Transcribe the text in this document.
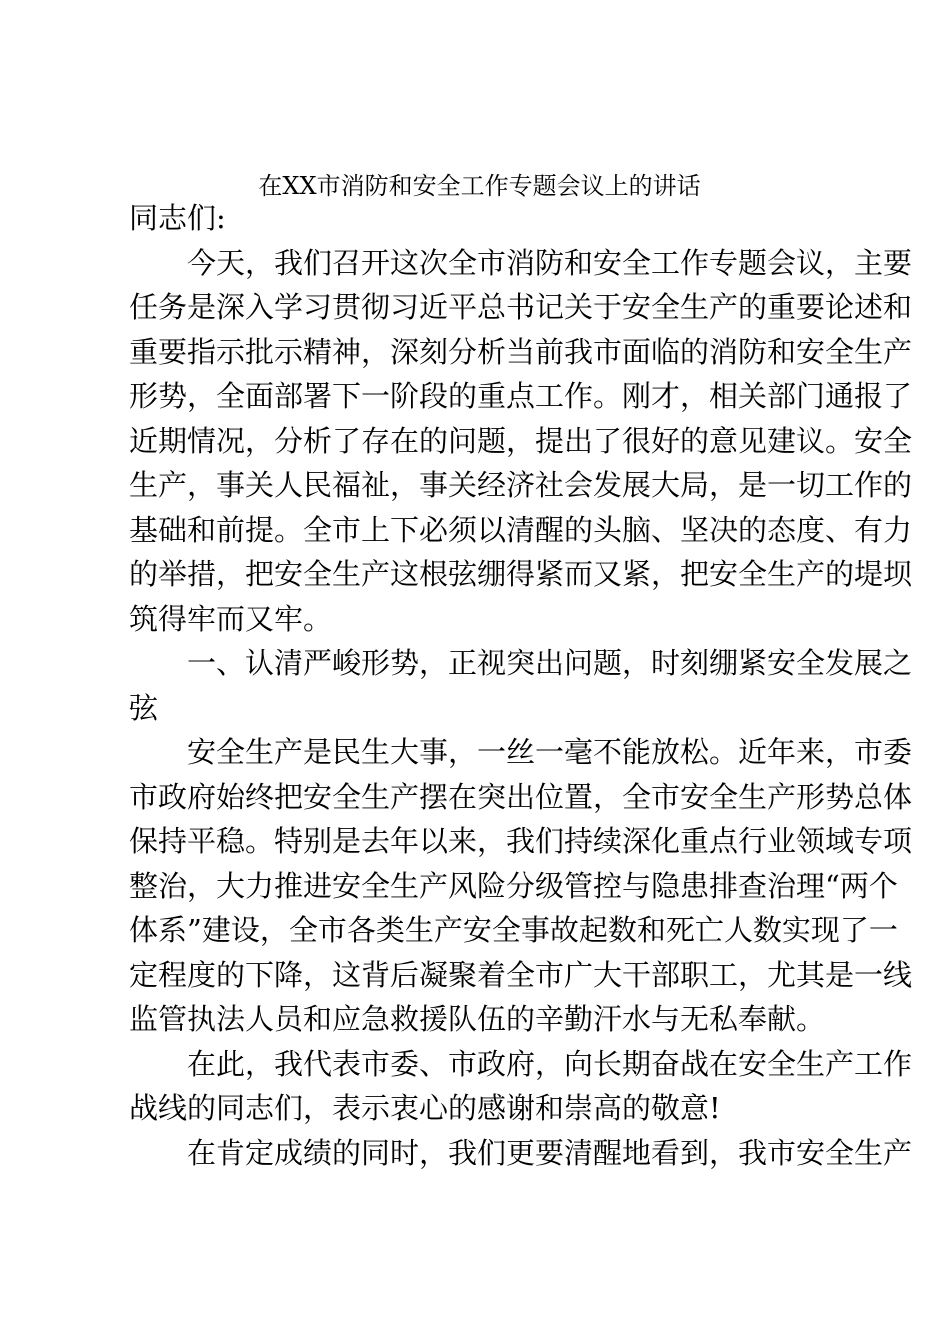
在XX市消防和安全工作专题会议上的讲话

同志们:

今天，我们召开这次全市消防和安全工作专题会议，主要
任务是深入学习贯彻习近平总书记关于安全生产的重要论述和
重要指示批示精神，深刻分析当前我市面临的消防和安全生产
形势，全面部署下一阶段的重点工作。刚才，相关部门通报了
近期情况，分析了存在的问题，提出了很好的意见建议。安全
生产，事关人民福祉，事关经济社会发展大局，是一切工作的
基础和前提。全市上下必须以清醒的头脑、坚决的态度、有力
的举措，把安全生产这根弦绷得紧而又紧，把安全生产的堤坝
筑得牢而又牢。

一、认清严峻形势，正视突出问题，时刻绷紧安全发展之
弦

安全生产是民生大事，一丝一毫不能放松。近年来，市委
市政府始终把安全生产摆在突出位置，全市安全生产形势总体
保持平稳。特别是去年以来，我们持续深化重点行业领域专项
整治，大力推进安全生产风险分级管控与隐患排查治理“两个
体系”建设，全市各类生产安全事故起数和死亡人数实现了一
定程度的下降，这背后凝聚着全市广大干部职工，尤其是一线
监管执法人员和应急救援队伍的辛勤汗水与无私奉献。

在此，我代表市委、市政府，向长期奋战在安全生产工作
战线的同志们，表示衷心的感谢和崇高的敬意!

在肯定成绩的同时，我们更要清醒地看到，我市安全生产
